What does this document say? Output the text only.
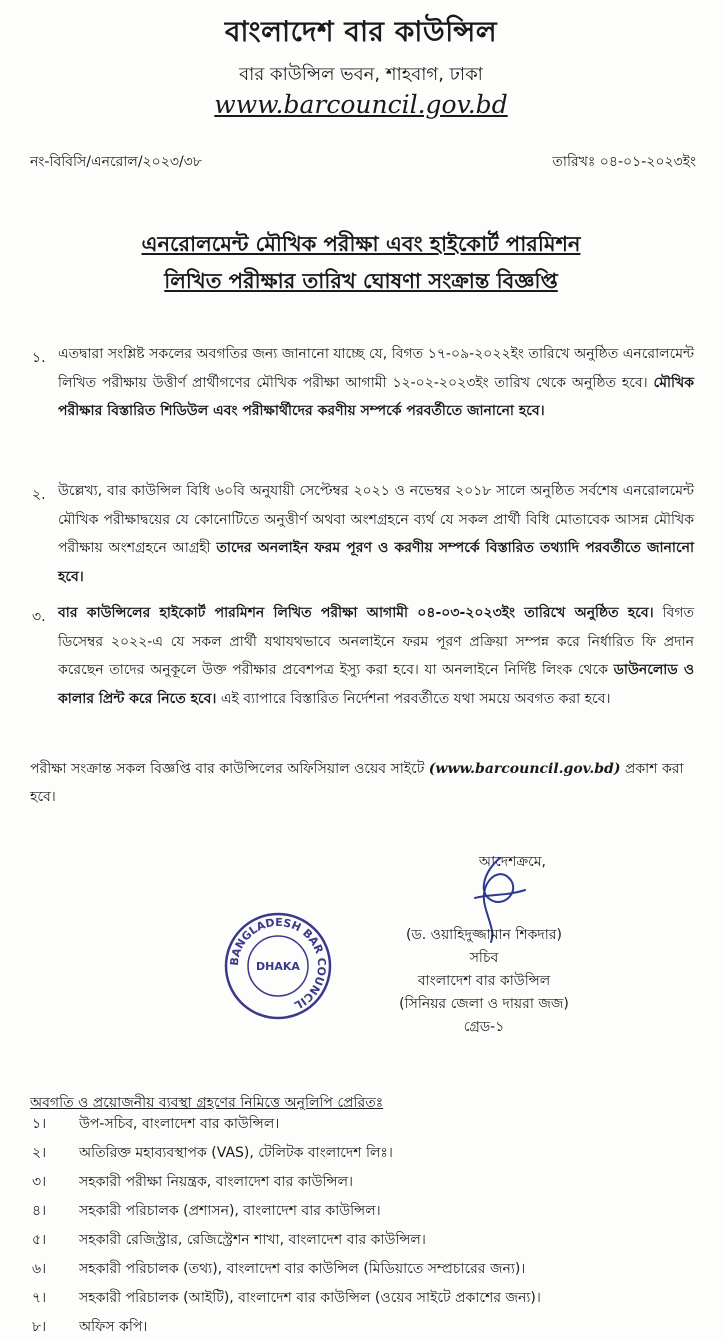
বাংলাদেশ বার কাউন্সিল
বার কাউন্সিল ভবন, শাহবাগ, ঢাকা
www.barcouncil.gov.bd
নং-বিবিসি/এনরোল/২০২৩/৩৮	তারিখঃ ০৪-০১-২০২৩ইং
এনরোলমেন্ট মৌখিক পরীক্ষা এবং হাইকোর্ট পারমিশন
লিখিত পরীক্ষার তারিখ ঘোষণা সংক্রান্ত বিজ্ঞপ্তি
১. এতদ্বারা সংশ্লিষ্ট সকলের অবগতির জন্য জানানো যাচ্ছে যে, বিগত ১৭-০৯-২০২২ইং তারিখে অনুষ্ঠিত এনরোলমেন্ট লিখিত পরীক্ষায় উত্তীর্ণ প্রার্থীগণের মৌখিক পরীক্ষা আগামী ১২-০২-২০২৩ইং তারিখ থেকে অনুষ্ঠিত হবে। মৌখিক পরীক্ষার বিস্তারিত শিডিউল এবং পরীক্ষার্থীদের করণীয় সম্পর্কে পরবর্তীতে জানানো হবে।
২. উল্লেখ্য, বার কাউন্সিল বিধি ৬০বি অনুযায়ী সেপ্টেম্বর ২০২১ ও নভেম্বর ২০১৮ সালে অনুষ্ঠিত সর্বশেষ এনরোলমেন্ট মৌখিক পরীক্ষাদ্বয়ের যে কোনোটিতে অনুত্তীর্ণ অথবা অংশগ্রহনে ব্যর্থ যে সকল প্রার্থী বিধি মোতাবেক আসন্ন মৌখিক পরীক্ষায় অংশগ্রহনে আগ্রহী তাদের অনলাইন ফরম পূরণ ও করণীয় সম্পর্কে বিস্তারিত তথ্যাদি পরবর্তীতে জানানো হবে।
৩. বার কাউন্সিলের হাইকোর্ট পারমিশন লিখিত পরীক্ষা আগামী ০৪-০৩-২০২৩ইং তারিখে অনুষ্ঠিত হবে। বিগত ডিসেম্বর ২০২২-এ যে সকল প্রার্থী যথাযথভাবে অনলাইনে ফরম পূরণ প্রক্রিয়া সম্পন্ন করে নির্ধারিত ফি প্রদান করেছেন তাদের অনুকূলে উক্ত পরীক্ষার প্রবেশপত্র ইস্যু করা হবে। যা অনলাইনে নির্দিষ্ট লিংক থেকে ডাউনলোড ও কালার প্রিন্ট করে নিতে হবে। এই ব্যাপারে বিস্তারিত নির্দেশনা পরবর্তীতে যথা সময়ে অবগত করা হবে।
পরীক্ষা সংক্রান্ত সকল বিজ্ঞপ্তি বার কাউন্সিলের অফিসিয়াল ওয়েব সাইটে (www.barcouncil.gov.bd) প্রকাশ করা হবে।
আদেশক্রমে,
(ড. ওয়াহিদুজ্জামান শিকদার)
সচিব
বাংলাদেশ বার কাউন্সিল
(সিনিয়র জেলা ও দায়রা জজ)
গ্রেড-১
BANGLADESH BAR COUNCIL
DHAKA
অবগতি ও প্রয়োজনীয় ব্যবস্থা গ্রহণের নিমিত্তে অনুলিপি প্রেরিতঃ
১।	উপ-সচিব, বাংলাদেশ বার কাউন্সিল।
২।	অতিরিক্ত মহাব্যবস্থাপক (VAS), টেলিটক বাংলাদেশ লিঃ।
৩।	সহকারী পরীক্ষা নিয়ন্ত্রক, বাংলাদেশ বার কাউন্সিল।
৪।	সহকারী পরিচালক (প্রশাসন), বাংলাদেশ বার কাউন্সিল।
৫।	সহকারী রেজিস্ট্রার, রেজিস্ট্রেশন শাখা, বাংলাদেশ বার কাউন্সিল।
৬।	সহকারী পরিচালক (তথ্য), বাংলাদেশ বার কাউন্সিল (মিডিয়াতে সম্প্রচারের জন্য)।
৭।	সহকারী পরিচালক (আইটি), বাংলাদেশ বার কাউন্সিল (ওয়েব সাইটে প্রকাশের জন্য)।
৮।	অফিস কপি।
